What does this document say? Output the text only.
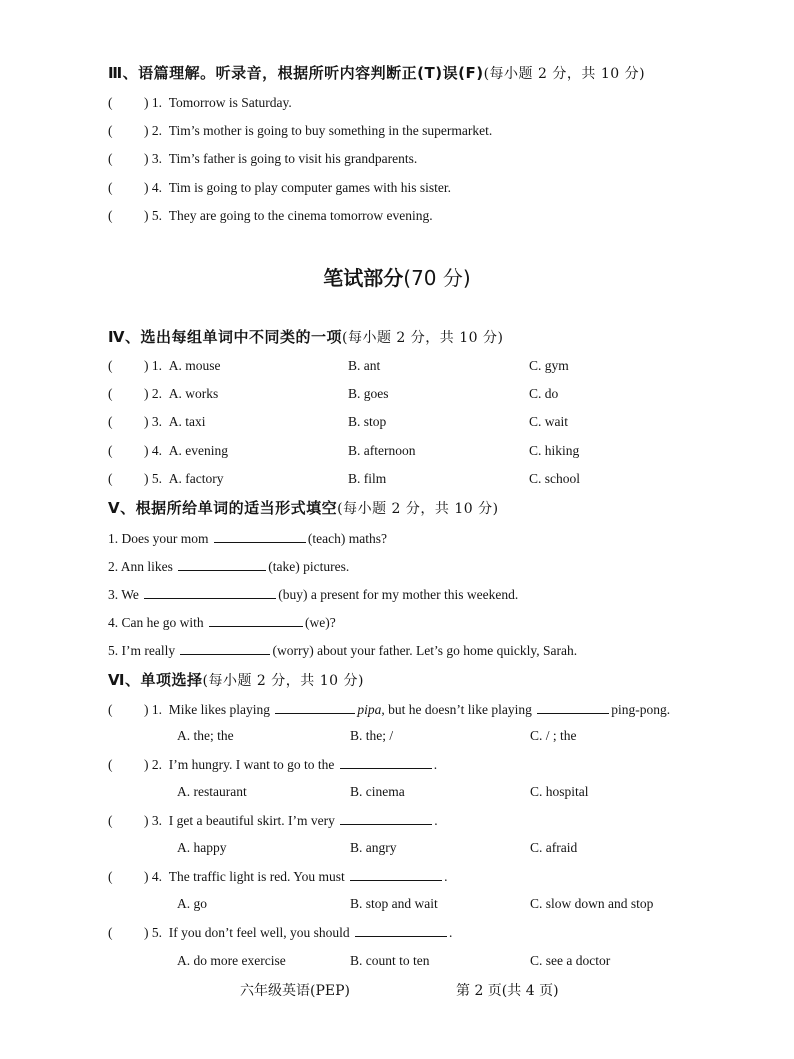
Ⅲ、语篇理解。听录音，根据所听内容判断正(T)误(F)(每小题 2 分，共 10 分)
( ) 1. Tomorrow is Saturday.
( ) 2. Tim’s mother is going to buy something in the supermarket.
( ) 3. Tim’s father is going to visit his grandparents.
( ) 4. Tim is going to play computer games with his sister.
( ) 5. They are going to the cinema tomorrow evening.
笔试部分(70 分)
Ⅳ、选出每组单词中不同类的一项(每小题 2 分，共 10 分)
( ) 1. A. mouse	B. ant	C. gym
( ) 2. A. works	B. goes	C. do
( ) 3. A. taxi	B. stop	C. wait
( ) 4. A. evening	B. afternoon	C. hiking
( ) 5. A. factory	B. film	C. school
Ⅴ、根据所给单词的适当形式填空(每小题 2 分，共 10 分)
1. Does your mom	(teach) maths?
2. Ann likes	(take) pictures.
3. We	(buy) a present for my mother this weekend.
4. Can he go with	(we)?
5. I’m really	(worry) about your father. Let’s go home quickly, Sarah.
Ⅵ、单项选择(每小题 2 分，共 10 分)
( ) 1. Mike likes playing	pipa, but he doesn’t like playing	ping-pong.
A. the; the	B. the; /	C. / ; the
( ) 2. I’m hungry. I want to go to the	.
A. restaurant	B. cinema	C. hospital
( ) 3. I get a beautiful skirt. I’m very	.
A. happy	B. angry	C. afraid
( ) 4. The traffic light is red. You must	.
A. go	B. stop and wait	C. slow down and stop
( ) 5. If you don’t feel well, you should	.
A. do more exercise	B. count to ten	C. see a doctor
六年级英语(PEP)	第 2 页(共 4 页)
